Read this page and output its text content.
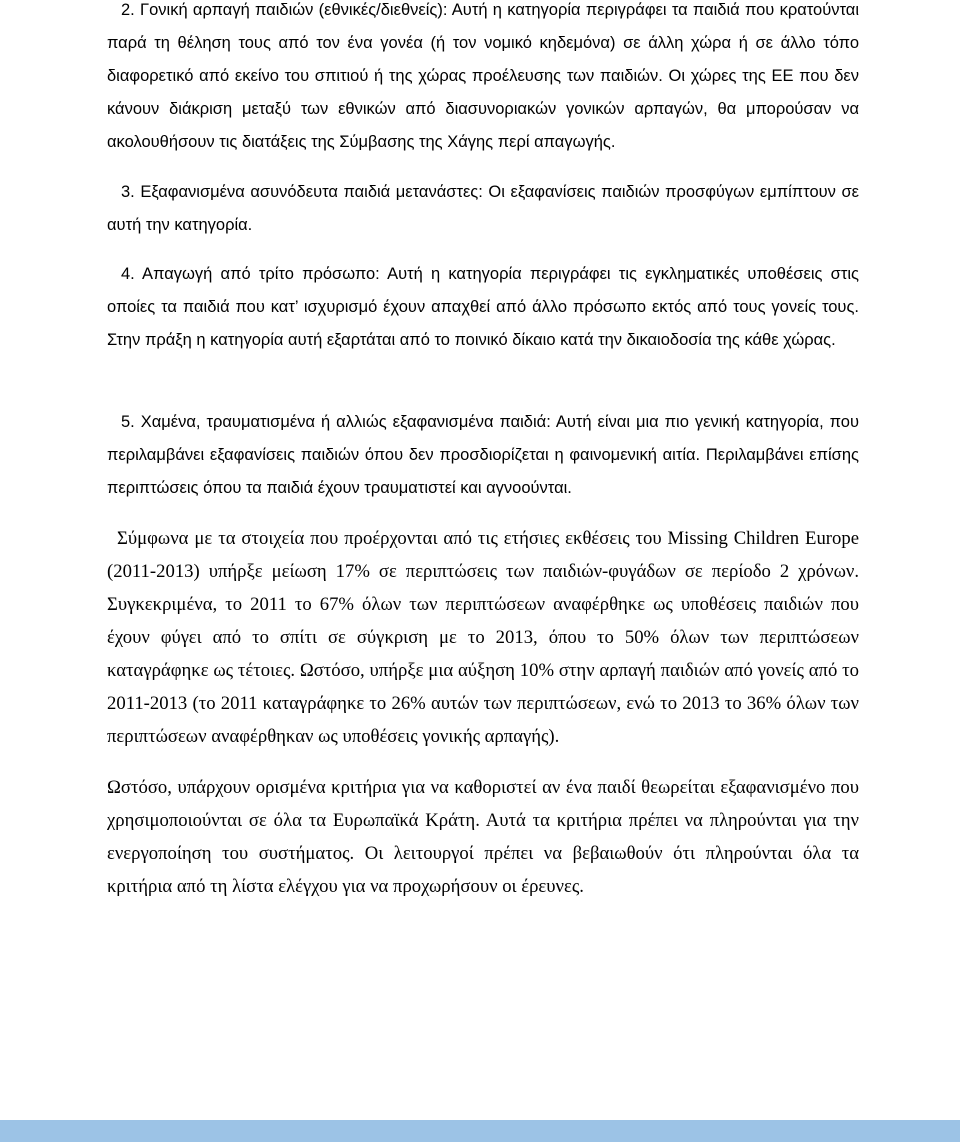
2. Γονική αρπαγή παιδιών (εθνικές/διεθνείς): Αυτή η κατηγορία περιγράφει τα παιδιά που κρατούνται παρά τη θέληση τους από τον ένα γονέα (ή τον νομικό κηδεμόνα) σε άλλη χώρα ή σε άλλο τόπο διαφορετικό από εκείνο του σπιτιού ή της χώρας προέλευσης των παιδιών. Οι χώρες της ΕΕ που δεν κάνουν διάκριση μεταξύ των εθνικών από διασυνοριακών γονικών αρπαγών, θα μπορούσαν να ακολουθήσουν τις διατάξεις της Σύμβασης της Χάγης περί απαγωγής.

3. Εξαφανισμένα ασυνόδευτα παιδιά μετανάστες: Οι εξαφανίσεις παιδιών προσφύγων εμπίπτουν σε αυτή την κατηγορία.

4. Απαγωγή από τρίτο πρόσωπο: Αυτή η κατηγορία περιγράφει τις εγκληματικές υποθέσεις στις οποίες τα παιδιά που κατ’ ισχυρισμό έχουν απαχθεί από άλλο πρόσωπο εκτός από τους γονείς τους. Στην πράξη η κατηγορία αυτή εξαρτάται από το ποινικό δίκαιο κατά την δικαιοδοσία της κάθε χώρας.

5. Χαμένα, τραυματισμένα ή αλλιώς εξαφανισμένα παιδιά: Αυτή είναι μια πιο γενική κατηγορία, που περιλαμβάνει εξαφανίσεις παιδιών όπου δεν προσδιορίζεται η φαινομενική αιτία. Περιλαμβάνει επίσης περιπτώσεις όπου τα παιδιά έχουν τραυματιστεί και αγνοούνται.

Σύμφωνα με τα στοιχεία που προέρχονται από τις ετήσιες εκθέσεις του Missing Children Europe (2011-2013) υπήρξε μείωση 17% σε περιπτώσεις των παιδιών-φυγάδων σε περίοδο 2 χρόνων. Συγκεκριμένα, το 2011 το 67% όλων των περιπτώσεων αναφέρθηκε ως υποθέσεις παιδιών που έχουν φύγει από το σπίτι σε σύγκριση με το 2013, όπου το 50% όλων των περιπτώσεων καταγράφηκε ως τέτοιες. Ωστόσο, υπήρξε μια αύξηση 10% στην αρπαγή παιδιών από γονείς από το 2011-2013 (το 2011 καταγράφηκε το 26% αυτών των περιπτώσεων, ενώ το 2013 το 36% όλων των περιπτώσεων αναφέρθηκαν ως υποθέσεις γονικής αρπαγής).

Ωστόσο, υπάρχουν ορισμένα κριτήρια για να καθοριστεί αν ένα παιδί θεωρείται εξαφανισμένο που χρησιμοποιούνται σε όλα τα Ευρωπαϊκά Κράτη. Αυτά τα κριτήρια πρέπει να πληρούνται για την ενεργοποίηση του συστήματος. Οι λειτουργοί πρέπει να βεβαιωθούν ότι πληρούνται όλα τα κριτήρια από τη λίστα ελέγχου για να προχωρήσουν οι έρευνες.
